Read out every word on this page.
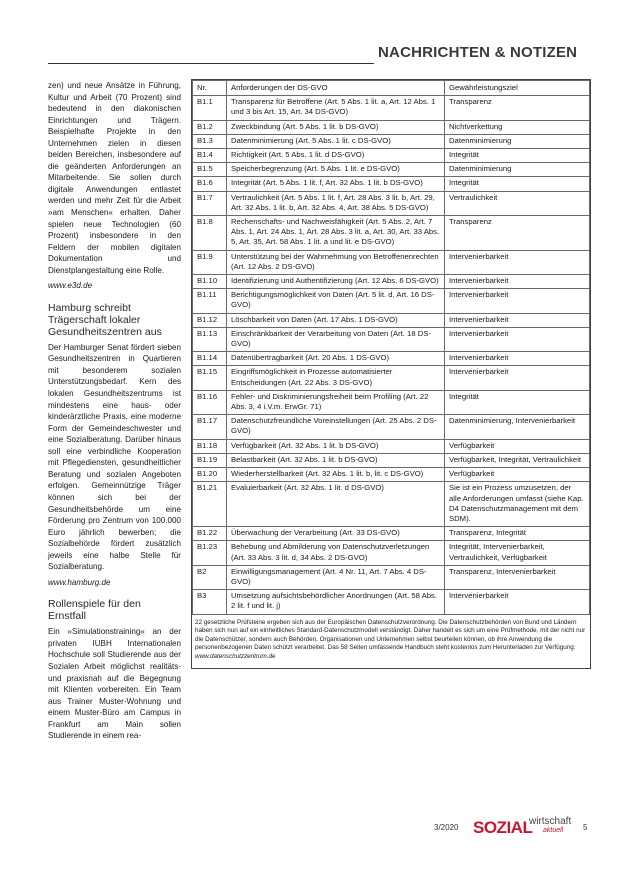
NACHRICHTEN & NOTIZEN

zen) und neue Ansätze in Führung, Kultur und Arbeit (70 Prozent) sind bedeutend in den diakonischen Einrichtungen und Trägern. Beispielhafte Projekte in den Unternehmen zielen in diesen beiden Bereichen, insbesondere auf die geänderten Anforderungen an Mitarbeitende. Sie sollen durch digitale Anwendungen entlastet werden und mehr Zeit für die Arbeit »am Menschen« erhalten. Daher spielen neue Technologien (60 Prozent) insbesondere in den Feldern der mobilen digitalen Dokumentation und Dienstplangestaltung eine Rolle.

www.e3d.de

Hamburg schreibt Trägerschaft lokaler Gesundheitszentren aus

Der Hamburger Senat fördert sieben Gesundheitszentren in Quartieren mit besonderem sozialen Unterstützungsbedarf. Kern des lokalen Gesundheitszentrums ist mindestens eine haus- oder kinderärztliche Praxis, eine moderne Form der Gemeindeschwester und eine Sozialberatung. Darüber hinaus soll eine verbindliche Kooperation mit Pflegediensten, gesundheitlicher Beratung und sozialen Angeboten erfolgen. Gemeinnützige Träger können sich bei der Gesundheitsbehörde um eine Förderung pro Zentrum von 100.000 Euro jährlich bewerben; die Sozialbehörde fördert zusätzlich jeweils eine halbe Stelle für Sozialberatung.

www.hamburg.de

Rollenspiele für den Ernstfall

Ein »Simulationstraining« an der privaten IUBH Internationalen Hochschule soll Studierende aus der Sozialen Arbeit möglichst realitäts- und praxisnah auf die Begegnung mit Klienten vorbereiten. Ein Team aus Trainer Muster-Wohnung und einem Muster-Büro am Campus in Frankfurt am Main sollen Studierende in einem rea-

Nr.	Anforderungen der DS-GVO	Gewährleistungsziel
B1.1	Transparenz für Betroffene (Art. 5 Abs. 1 lit. a, Art. 12 Abs. 1 und 3 bis Art. 15, Art. 34 DS-GVO)	Transparenz
B1.2	Zweckbindung (Art. 5 Abs. 1 lit. b DS-GVO)	Nichtverkettung
B1.3	Datenminimierung (Art. 5 Abs. 1 lit. c DS-GVO)	Datenminimierung
B1.4	Richtigkeit (Art. 5 Abs. 1 lit. d DS-GVO)	Integrität
B1.5	Speicherbegrenzung (Art. 5 Abs. 1 lit. e DS-GVO)	Datenminimierung
B1.6	Integrität (Art. 5 Abs. 1 lit. f, Art. 32 Abs. 1 lit. b DS-GVO)	Integrität
B1.7	Vertraulichkeit (Art. 5 Abs. 1 lit. f, Art. 28 Abs. 3 lit. b, Art. 29, Art. 32 Abs. 1 lit. b, Art. 32 Abs. 4, Art. 38 Abs. 5 DS-GVO)	Vertraulichkeit
B1.8	Rechenschafts- und Nachweisfähigkeit (Art. 5 Abs. 2, Art. 7 Abs. 1, Art. 24 Abs. 1, Art. 28 Abs. 3 lit. a, Art. 30, Art. 33 Abs. 5, Art. 35, Art. 58 Abs. 1 lit. a und lit. e DS-GVO)	Transparenz
B1.9	Unterstützung bei der Wahrnehmung von Betroffenenrechten (Art. 12 Abs. 2 DS-GVO)	Intervenierbarkeit
B1.10	Identifizierung und Authentifizierung (Art. 12 Abs. 6 DS-GVO)	Intervenierbarkeit
B1.11	Berichtigungsmöglichkeit von Daten (Art. 5 lit. d, Art. 16 DS-GVO)	Intervenierbarkeit
B1.12	Löschbarkeit von Daten (Art. 17 Abs. 1 DS-GVO)	Intervenierbarkeit
B1.13	Einschränkbarkeit der Verarbeitung von Daten (Art. 18 DS-GVO)	Intervenierbarkeit
B1.14	Datenübertragbarkeit (Art. 20 Abs. 1 DS-GVO)	Intervenierbarkeit
B1.15	Eingriffsmöglichkeit in Prozesse automatisierter Entscheidungen (Art. 22 Abs. 3 DS-GVO)	Intervenierbarkeit
B1.16	Fehler- und Diskriminierungsfreiheit beim Profiling (Art. 22 Abs. 3, 4 i.V.m. ErwGr. 71)	Integrität
B1.17	Datenschutzfreundliche Voreinstellungen (Art. 25 Abs. 2 DS-GVO)	Datenminimierung, Intervenierbarkeit
B1.18	Verfügbarkeit (Art. 32 Abs. 1 lit. b DS-GVO)	Verfügbarkeit
B1.19	Belastbarkeit (Art. 32 Abs. 1 lit. b DS-GVO)	Verfügbarkeit, Integrität, Vertraulichkeit
B1.20	Wiederherstellbarkeit (Art. 32 Abs. 1 lit. b, lit. c DS-GVO)	Verfügbarkeit
B1.21	Evaluierbarkeit (Art. 32 Abs. 1 lit. d DS-GVO)	Sie ist ein Prozess umzusetzen, der alle Anforderungen umfasst (siehe Kap. D4 Datenschutzmanagement mit dem SDM).
B1.22	Überwachung der Verarbeitung (Art. 33 DS-GVO)	Transparenz, Integrität
B1.23	Behebung und Abmilderung von Datenschutzverletzungen (Art. 33 Abs. 3 lit. d, 34 Abs. 2 DS-GVO)	Integrität, Intervenierbarkeit, Vertraulichkeit, Verfügbarkeit
B2	Einwilligungsmanagement (Art. 4 Nr. 11, Art. 7 Abs. 4 DS-GVO)	Transparenz, Intervenierbarkeit
B3	Umsetzung aufsichtsbehördlicher Anordnungen (Art. 58 Abs. 2 lit. f und lit. j)	Intervenierbarkeit
22 gesetzliche Prüfsteine ergeben sich aus der Europäischen Datenschutzverordnung. Die Datenschutzbehörden von Bund und Ländern haben sich nun auf ein einheitliches Standard-Datenschutzmodell verständigt. Daher handelt es sich um eine Prüfmethode, mit der nicht nur die Datenschützer, sondern auch Behörden, Organisationen und Unternehmen selbst beurteilen können, ob ihre Anwendung die personenbezogenen Daten schützt verarbeitet. Das 58 Seiten umfassende Handbuch steht kostenlos zum Herunterladen zur Verfügung:
www.datenschutzzentrum.de
3/2020 SOZIAL
wirtschaft
aktuell 5
